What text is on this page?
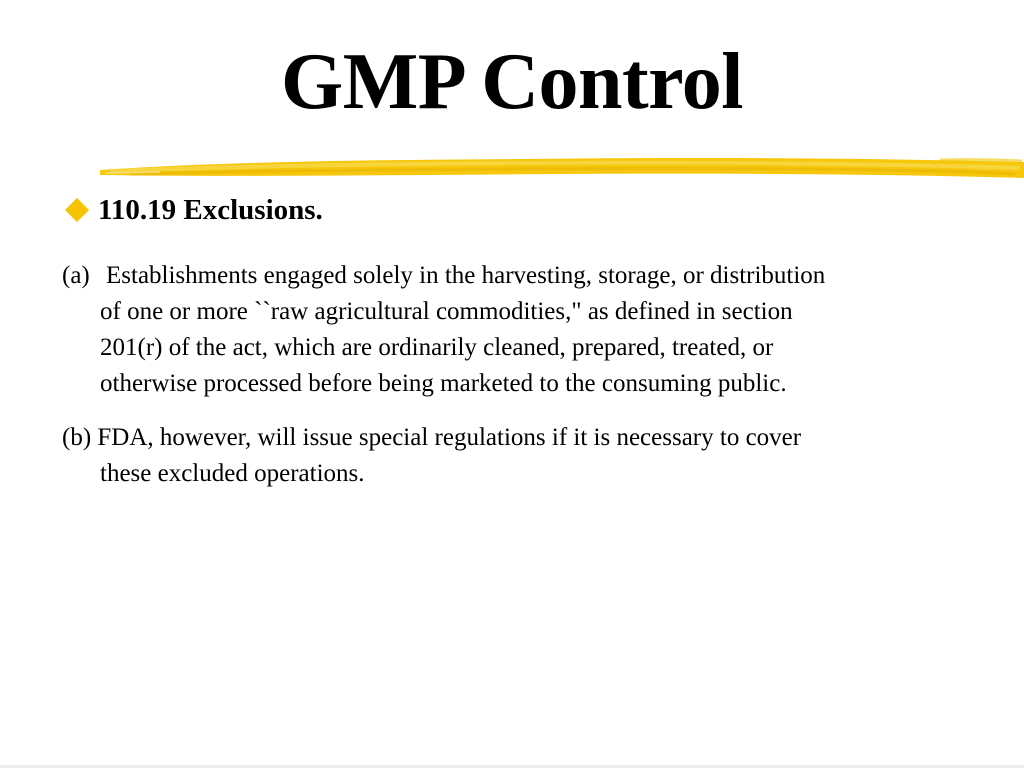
GMP Control
110.19 Exclusions.
(a) Establishments engaged solely in the harvesting, storage, or distribution
of one or more ``raw agricultural commodities," as defined in section
201(r) of the act, which are ordinarily cleaned, prepared, treated, or
otherwise processed before being marketed to the consuming public.
(b) FDA, however, will issue special regulations if it is necessary to cover
these excluded operations.
